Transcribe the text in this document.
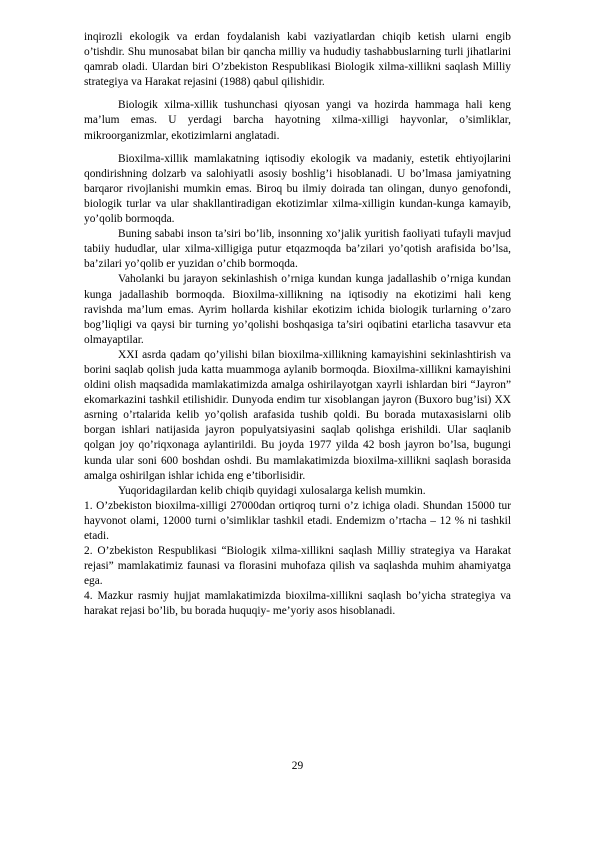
inqirozli ekologik va erdan foydalanish kabi vaziyatlardan chiqib ketish ularni engib o’tishdir. Shu munosabat bilan bir qancha milliy va hududiy tashabbuslarning turli jihatlarini qamrab oladi. Ulardan biri O’zbekiston Respublikasi Biologik xilma-xillikni saqlash Milliy strategiya va Harakat rejasini (1988) qabul qilishidir.

Biologik xilma-xillik tushunchasi qiyosan yangi va hozirda hammaga hali keng ma’lum emas. U yerdagi barcha hayotning xilma-xilligi hayvonlar, o’simliklar, mikroorganizmlar, ekotizimlarni anglatadi.

Bioxilma-xillik mamlakatning iqtisodiy ekologik va madaniy, estetik ehtiyojlarini qondirishning dolzarb va salohiyatli asosiy boshlig’i hisoblanadi. U bo’lmasa jamiyatning barqaror rivojlanishi mumkin emas. Biroq bu ilmiy doirada tan olingan, dunyo genofondi, biologik turlar va ular shakllantiradigan ekotizimlar xilma-xilligin kundan-kunga kamayib, yo’qolib bormoqda.

Buning sababi inson ta’siri bo’lib, insonning xo’jalik yuritish faoliyati tufayli mavjud tabiiy hududlar, ular xilma-xilligiga putur etqazmoqda ba’zilari yo’qotish arafisida bo’lsa, ba’zilari yo’qolib er yuzidan o’chib bormoqda.

Vaholanki bu jarayon sekinlashish o’rniga kundan kunga jadallashib o’rniga kundan kunga jadallashib bormoqda. Bioxilma-xillikning na iqtisodiy na ekotizimi hali keng ravishda ma’lum emas. Ayrim hollarda kishilar ekotizim ichida biologik turlarning o’zaro bog’liqligi va qaysi bir turning yo’qolishi boshqasiga ta’siri oqibatini etarlicha tasavvur eta olmayaptilar.

XXI asrda qadam qo’yilishi bilan bioxilma-xillikning kamayishini sekinlashtirish va borini saqlab qolish juda katta muammoga aylanib bormoqda. Bioxilma-xillikni kamayishini oldini olish maqsadida mamlakatimizda amalga oshirilayotgan xayrli ishlardan biri “Jayron” ekomarkazini tashkil etilishidir. Dunyoda endim tur xisoblangan jayron (Buxoro bug’isi) XX asrning o’rtalarida kelib yo’qolish arafasida tushib qoldi. Bu borada mutaxasislarni olib borgan ishlari natijasida jayron populyatsiyasini saqlab qolishga erishildi. Ular saqlanib qolgan joy qo’riqxonaga aylantirildi. Bu joyda 1977 yilda 42 bosh jayron bo’lsa, bugungi kunda ular soni 600 boshdan oshdi. Bu mamlakatimizda bioxilma-xillikni saqlash borasida amalga oshirilgan ishlar ichida eng e’tiborlisidir.

Yuqoridagilardan kelib chiqib quyidagi xulosalarga kelish mumkin.

1. O’zbekiston bioxilma-xilligi 27000dan ortiqroq turni o’z ichiga oladi. Shundan 15000 tur hayvonot olami, 12000 turni o’simliklar tashkil etadi. Endemizm o’rtacha – 12 % ni tashkil etadi.

2. O’zbekiston Respublikasi “Biologik xilma-xillikni saqlash Milliy strategiya va Harakat rejasi” mamlakatimiz faunasi va florasini muhofaza qilish va saqlashda muhim ahamiyatga ega.

4. Mazkur rasmiy hujjat mamlakatimizda bioxilma-xillikni saqlash bo’yicha strategiya va harakat rejasi bo’lib, bu borada huquqiy- me’yoriy asos hisoblanadi.

29
